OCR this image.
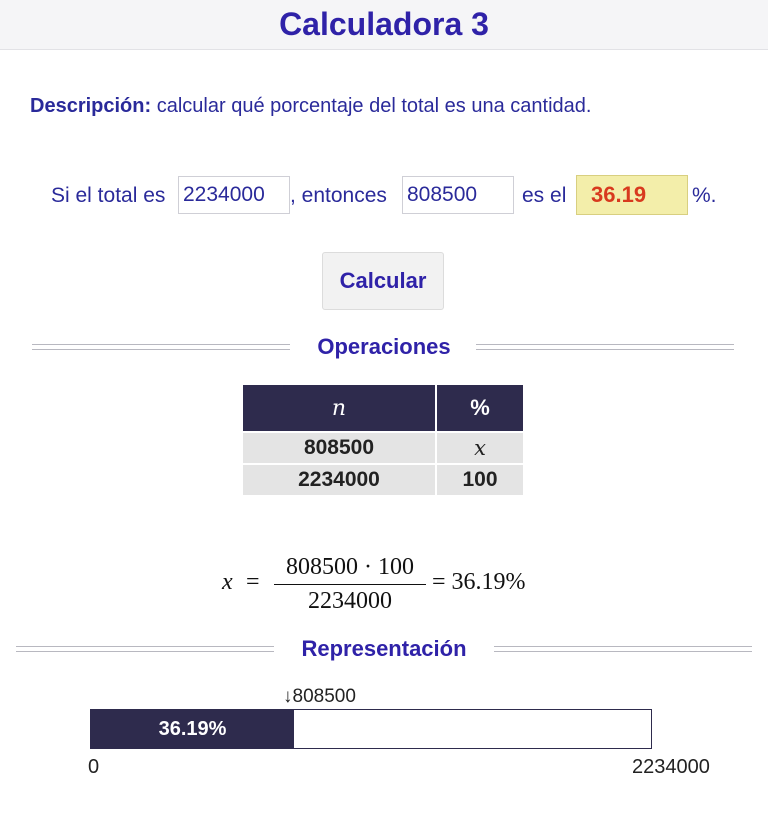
Calculadora 3
Descripción: calcular qué porcentaje del total es una cantidad.
Si el total es
2234000	, entonces
808500	es el	36.19	%.
Calcular
Operaciones
n	%
808500	x
2234000	100
x =
808500 · 100
2234000
= 36.19%
Representación
↓808500
36.19%
0	2234000
